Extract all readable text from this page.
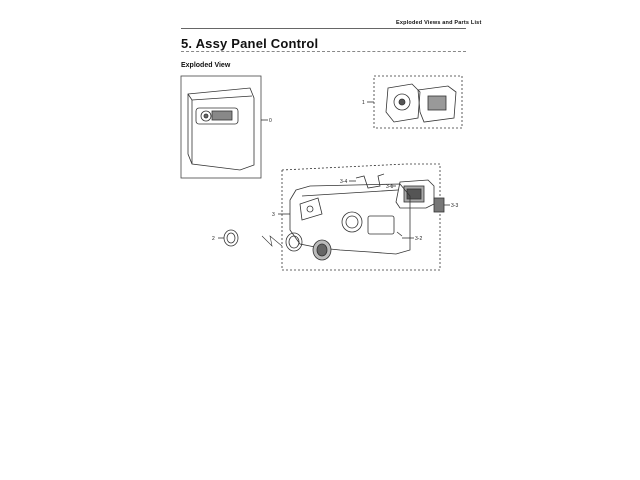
Exploded Views and Parts List
5. Assy Panel Control
Exploded View
0
1
3
2
3-4
3-1
3-3
3-2
